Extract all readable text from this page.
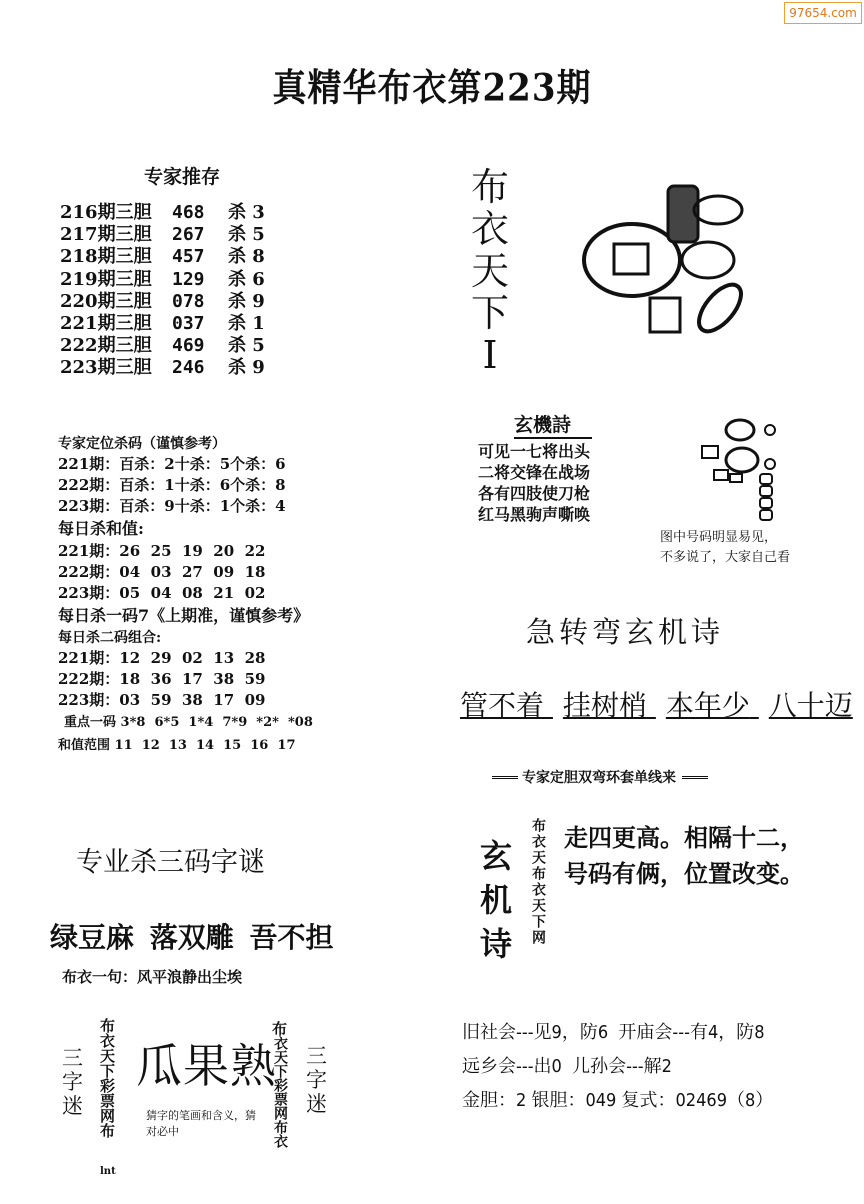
97654.com
真精华布衣第223期
专家推存
216期三胆	468	杀 3
217期三胆	267	杀 5
218期三胆	457	杀 8
219期三胆	129	杀 6
220期三胆	078	杀 9
221期三胆	037	杀 1
222期三胆	469	杀 5
223期三胆	246	杀 9
专家定位杀码（谨慎参考）
221期：百杀：2十杀：5个杀：6
222期：百杀：1十杀：6个杀：8
223期：百杀：9十杀：1个杀：4
每日杀和值:
221期：26  25  19  20  22
222期：04  03  27  09  18
223期：05  04  08  21  02
每日杀一码7《上期准，谨慎参考》
每日杀二码组合:
221期：12  29  02  13  28
222期：18  36  17  38  59
223期：03  59  38  17  09
重点一码 3*8  6*5  1*4  7*9  *2*  *08
和值范围 11  12  13  14  15  16  17
布
衣
天
下
I
玄機詩
可见一七将出头
二将交锋在战场
各有四肢使刀枪
红马黑驹声嘶唤
图中号码明显易见，
不多说了，大家自己看
急转弯玄机诗
管不着 挂树梢 本年少 八十迈
专家定胆双弯环套单线来
玄
机
诗 布衣天布衣天下网 走四更高。相隔十二，
号码有俩，位置改变。
专业杀三码字谜
绿豆麻 落双雕 吾不担
布衣一句：风平浪静出尘埃
三
字
迷 布衣天下彩票网布
lnt
瓜果熟
猜字的笔画和含义，猜
对必中
布
衣天下彩票网布衣 三
字
迷
旧社会---见9，防6  开庙会---有4，防8
远乡会---出0  儿孙会---解2
金胆：2 银胆：049 复式：02469（8）
